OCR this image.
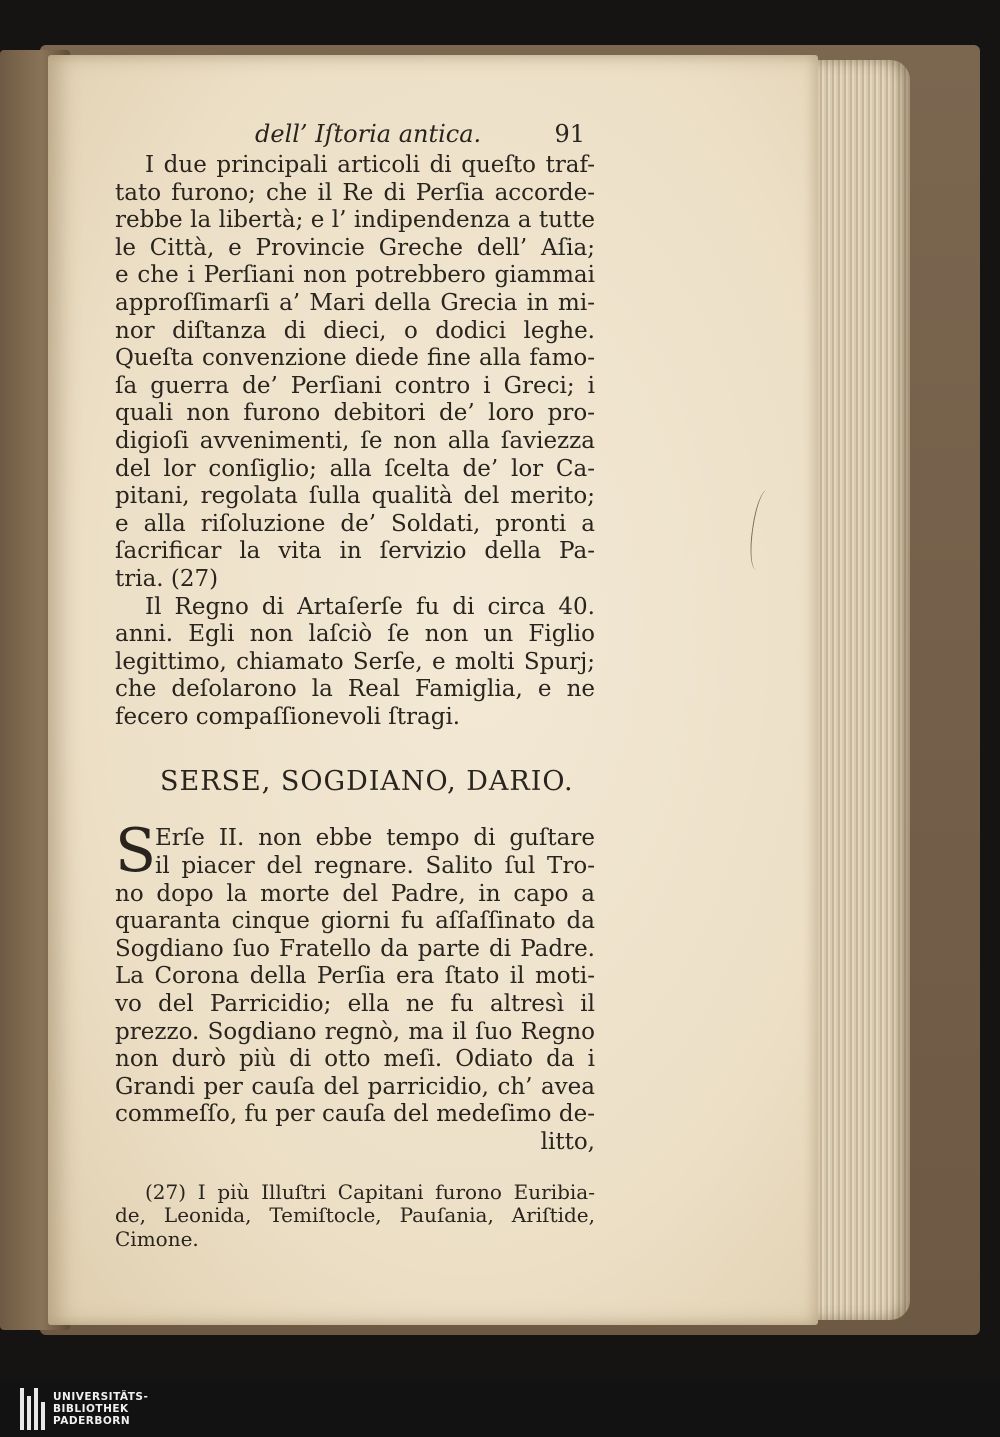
dell’ Iſtoria antica.	91
I due principali articoli di queſto traf-
tato furono; che il Re di Perſia accorde-
rebbe la libertà; e l’ indipendenza a tutte
le Città, e Provincie Greche dell’ Aſia;
e che i Perſiani non potrebbero giammai
approſſimarſi a’ Mari della Grecia in mi-
nor diſtanza di dieci, o dodici leghe.
Queſta convenzione diede fine alla famo-
ſa guerra de’ Perſiani contro i Greci; i
quali non furono debitori de’ loro pro-
digioſi avvenimenti, ſe non alla ſaviezza
del lor conſiglio; alla ſcelta de’ lor Ca-
pitani, regolata ſulla qualità del merito;
e alla riſoluzione de’ Soldati, pronti a
ſacrificar la vita in ſervizio della Pa-
tria. (27)
Il Regno di Artaſerſe fu di circa 40.
anni. Egli non laſciò ſe non un Figlio
legittimo, chiamato Serſe, e molti Spurj;
che deſolarono la Real Famiglia, e ne
fecero compaſſionevoli ſtragi.
SERSE, SOGDIANO, DARIO.
S
Erſe II. non ebbe tempo di guſtare
il piacer del regnare. Salito ſul Tro-
no dopo la morte del Padre, in capo a
quaranta cinque giorni fu aſſaſſinato da
Sogdiano ſuo Fratello da parte di Padre.
La Corona della Perſia era ſtato il moti-
vo del Parricidio; ella ne fu altresì il
prezzo. Sogdiano regnò, ma il ſuo Regno
non durò più di otto meſi. Odiato da i
Grandi per cauſa del parricidio, ch’ avea
commeſſo, fu per cauſa del medeſimo de-
litto,
(27) I più Illuſtri Capitani furono Euribia-
de, Leonida, Temiſtocle, Pauſania, Ariſtide,
Cimone.
UNIVERSITÄTS-
BIBLIOTHEK
PADERBORN
